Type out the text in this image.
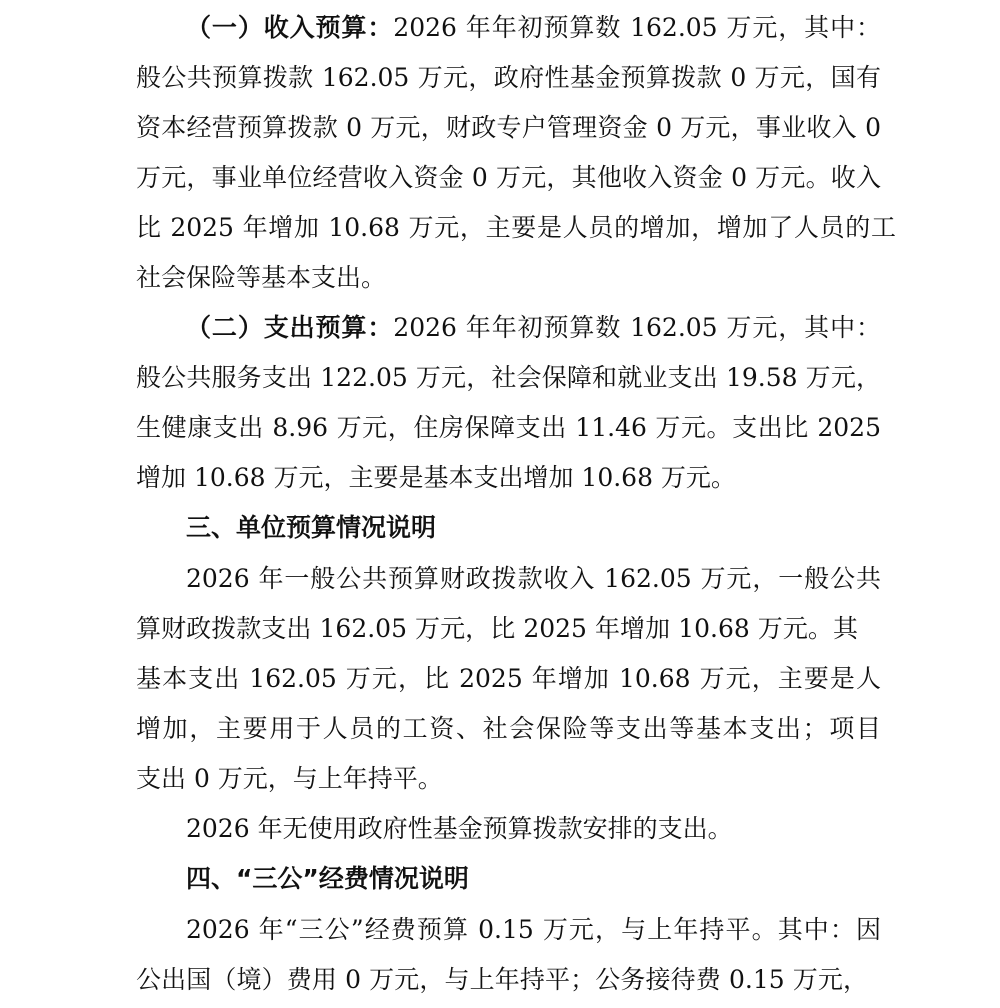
（一）收入预算：2026 年年初预算数 162.05 万元，其中：
般公共预算拨款 162.05 万元，政府性基金预算拨款 0 万元，国有
资本经营预算拨款 0 万元，财政专户管理资金 0 万元，事业收入 0
万元，事业单位经营收入资金 0 万元，其他收入资金 0 万元。收入
比 2025 年增加 10.68 万元，主要是人员的增加，增加了人员的工
社会保险等基本支出。
（二）支出预算：2026 年年初预算数 162.05 万元，其中：
般公共服务支出 122.05 万元，社会保障和就业支出 19.58 万元，
生健康支出 8.96 万元，住房保障支出 11.46 万元。支出比 2025
增加 10.68 万元，主要是基本支出增加 10.68 万元。
三、单位预算情况说明
2026 年一般公共预算财政拨款收入 162.05 万元，一般公共
算财政拨款支出 162.05 万元，比 2025 年增加 10.68 万元。其
基本支出 162.05 万元，比 2025 年增加 10.68 万元，主要是人
增加，主要用于人员的工资、社会保险等支出等基本支出；项目
支出 0 万元，与上年持平。
2026 年无使用政府性基金预算拨款安排的支出。
四、“三公”经费情况说明
2026 年“三公”经费预算 0.15 万元，与上年持平。其中：因
公出国（境）费用 0 万元，与上年持平；公务接待费 0.15 万元，
